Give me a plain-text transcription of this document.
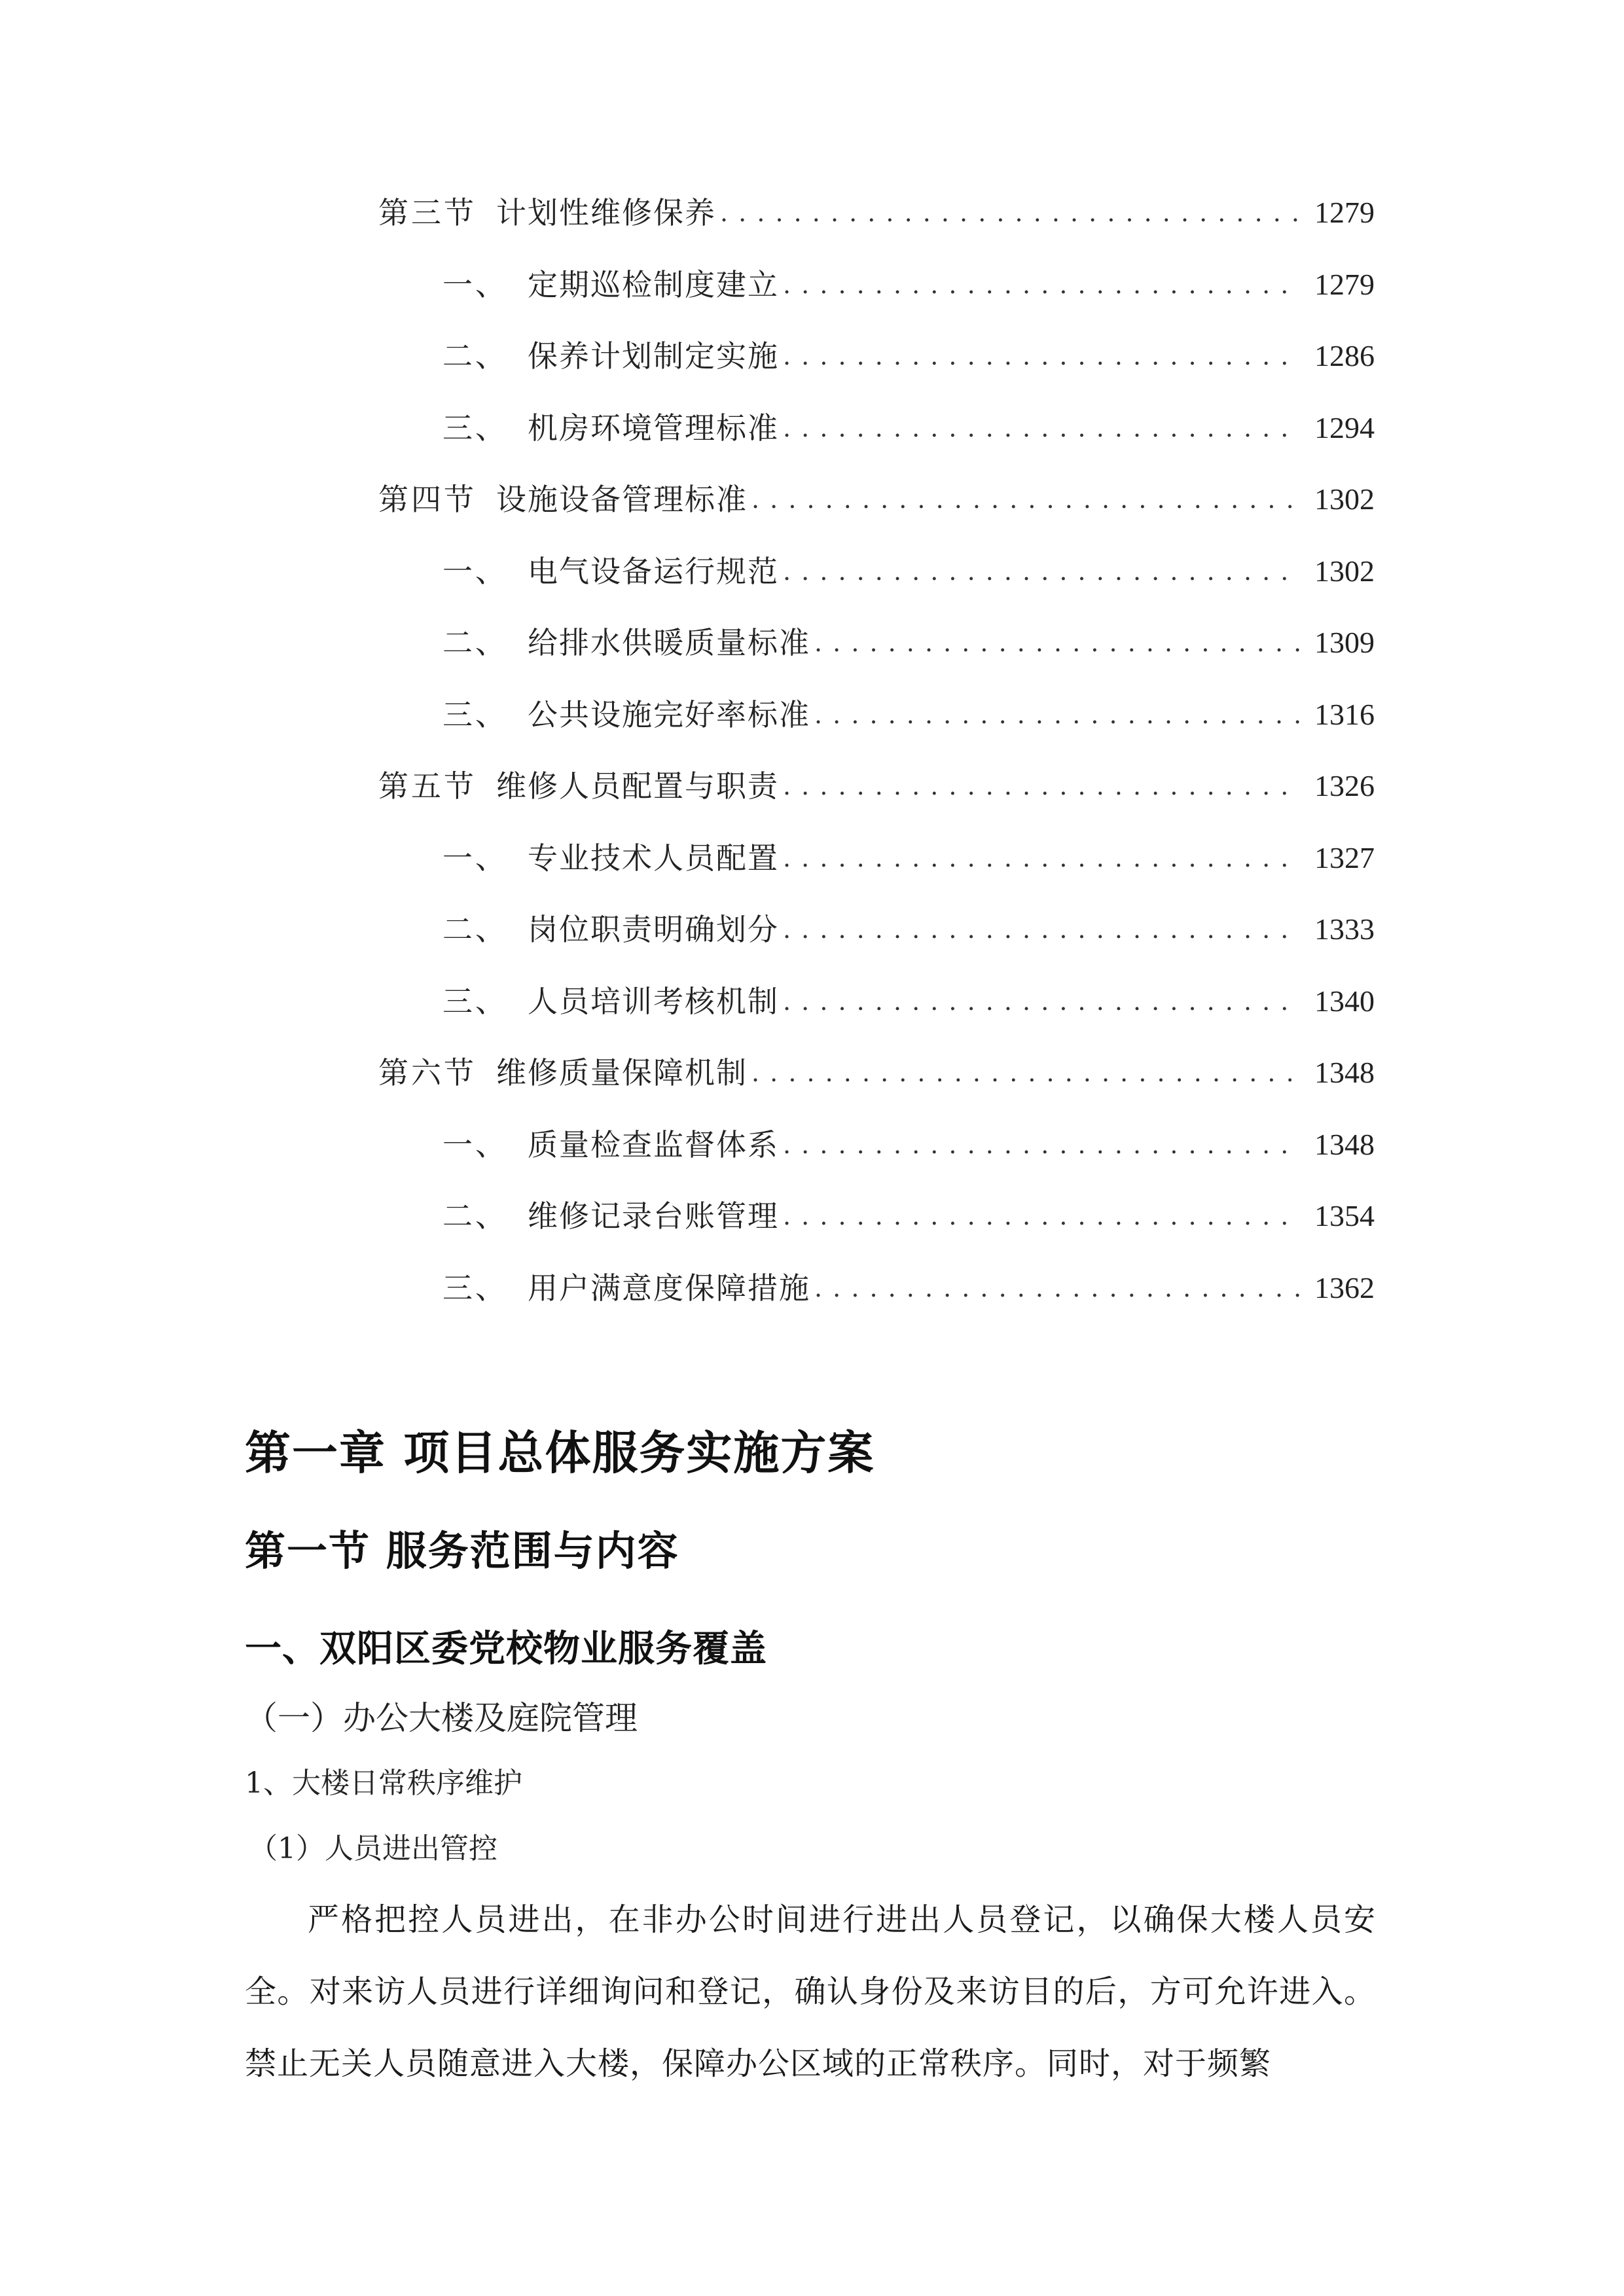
第三节 计划性维修保养 . . .	1279
一、 定期巡检制度建立 . . .	1279
二、 保养计划制定实施 . . .	1286
三、 机房环境管理标准 . . .	1294
第四节 设施设备管理标准 . . .	1302
一、 电气设备运行规范 . . .	1302
二、 给排水供暖质量标准 . . .	1309
三、 公共设施完好率标准 . . .	1316
第五节 维修人员配置与职责 . . .	1326
一、 专业技术人员配置 . . .	1327
二、 岗位职责明确划分 . . .	1333
三、 人员培训考核机制 . . .	1340
第六节 维修质量保障机制 . . .	1348
一、 质量检查监督体系 . . .	1348
二、 维修记录台账管理 . . .	1354
三、 用户满意度保障措施 . . .	1362
第一章 项目总体服务实施方案
第一节 服务范围与内容
一、双阳区委党校物业服务覆盖
（一）办公大楼及庭院管理
1、大楼日常秩序维护
（1）人员进出管控
严格把控人员进出，在非办公时间进行进出人员登记，以确保大楼人员安全。对来访人员进行详细询问和登记，确认身份及来访目的后，方可允许进入。禁止无关人员随意进入大楼，保障办公区域的正常秩序。同时，对于频繁
